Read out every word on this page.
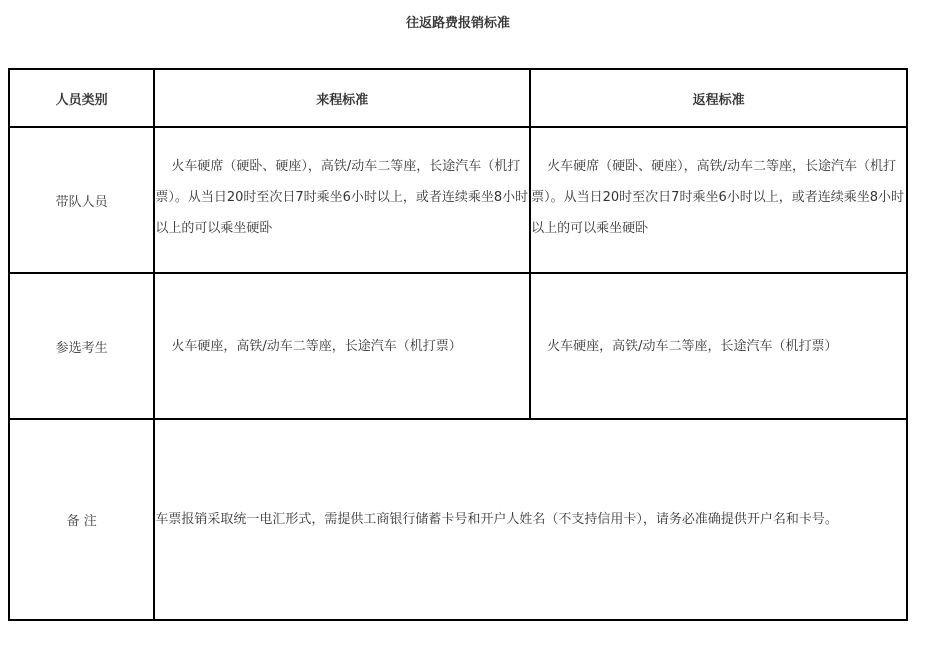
往返路费报销标准
人员类别	来程标准	返程标准
带队人员	火车硬席（硬卧、硬座），高铁/动车二等座，长途汽车（机打票）。从当日20时至次日7时乘坐6小时以上，或者连续乘坐8小时以上的可以乘坐硬卧	火车硬席（硬卧、硬座），高铁/动车二等座，长途汽车（机打票）。从当日20时至次日7时乘坐6小时以上，或者连续乘坐8小时以上的可以乘坐硬卧

参选考生	火车硬座，高铁/动车二等座，长途汽车（机打票）	火车硬座，高铁/动车二等座，长途汽车（机打票）

备 注	车票报销采取统一电汇形式，需提供工商银行储蓄卡号和开户人姓名（不支持信用卡），请务必准确提供开户名和卡号。	
